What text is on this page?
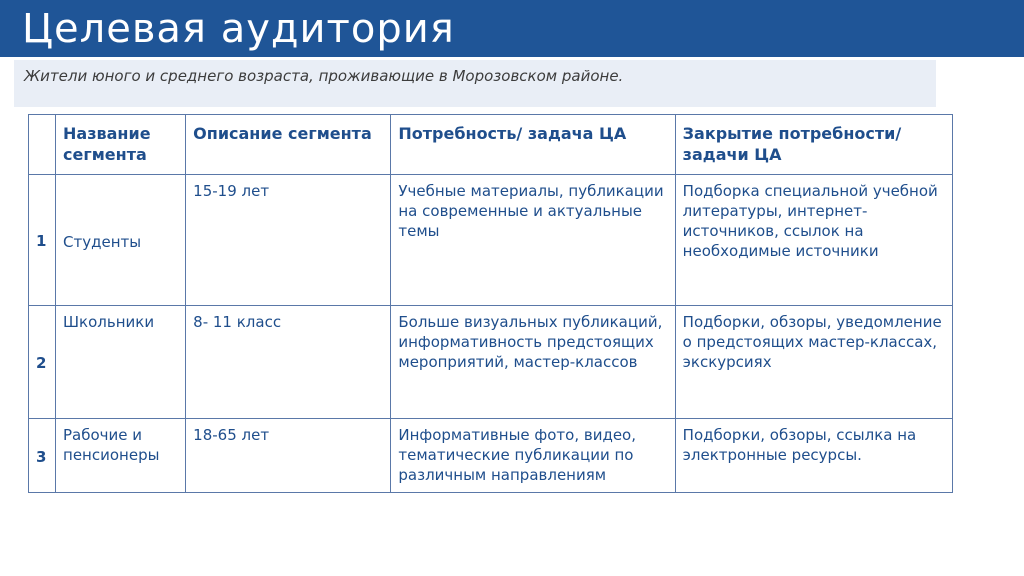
Целевая аудитория
Жители юного и среднего возраста, проживающие в Морозовском районе.
	Название сегмента	Описание сегмента	Потребность/ задача ЦА	Закрытие потребности/ задачи ЦА
1	Студенты	15-19 лет	Учебные материалы, публикации на современные и актуальные темы	Подборка специальной учебной литературы, интернет-источников, ссылок на необходимые источники
2	Школьники	8- 11 класс	Больше визуальных публикаций, информативность предстоящих мероприятий, мастер-классов	Подборки, обзоры, уведомление о предстоящих мастер-классах, экскурсиях
3	Рабочие и пенсионеры	18-65 лет	Информативные фото, видео, тематические публикации по различным направлениям	Подборки, обзоры, ссылка на электронные ресурсы.
